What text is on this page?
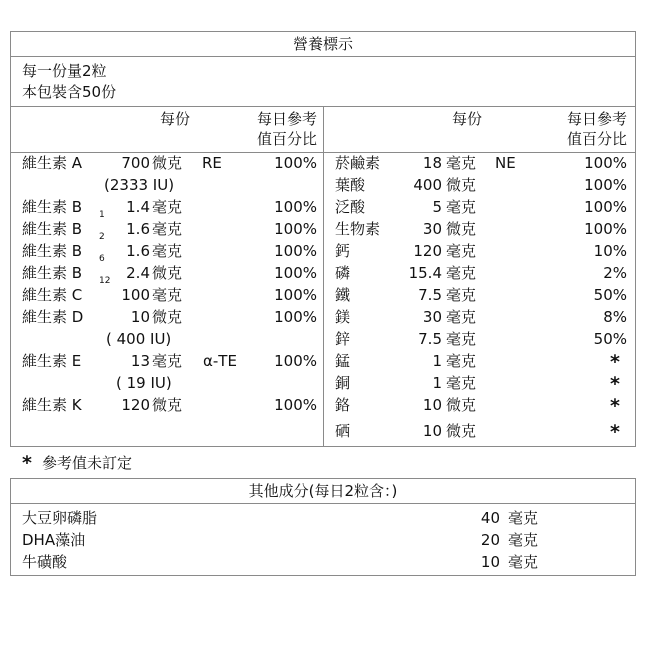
營養標示
每一份量2粒
本包裝含50份
每份	每日參考
值百分比
每份	每日參考
值百分比
維生素 A	700 微克 RE	100%
(2333 IU)
維生素 B 1	1.4 毫克	100%
維生素 B 2	1.6 毫克	100%
維生素 B 6	1.6 毫克	100%
維生素 B 12	2.4 微克	100%
維生素 C	100 毫克	100%
維生素 D	10 微克	100%
( 400 IU)
維生素 E	13 毫克 α-TE	100%
( 19 IU)
維生素 K	120 微克	100%
菸鹼素	18 毫克 NE	100%
葉酸	400 微克	100%
泛酸	5 毫克	100%
生物素	30 微克	100%
鈣	120 毫克	10%
磷	15.4 毫克	2%
鐵	7.5 毫克	50%
鎂	30 毫克	8%
鋅	7.5 毫克	50%
錳	1 毫克	*
銅	1 毫克	*
鉻	10 微克	*
硒	10 微克	*
* 參考值未訂定
其他成分(每日2粒含：)
大豆卵磷脂	40 毫克
DHA藻油	20 毫克
牛磺酸	10 毫克
